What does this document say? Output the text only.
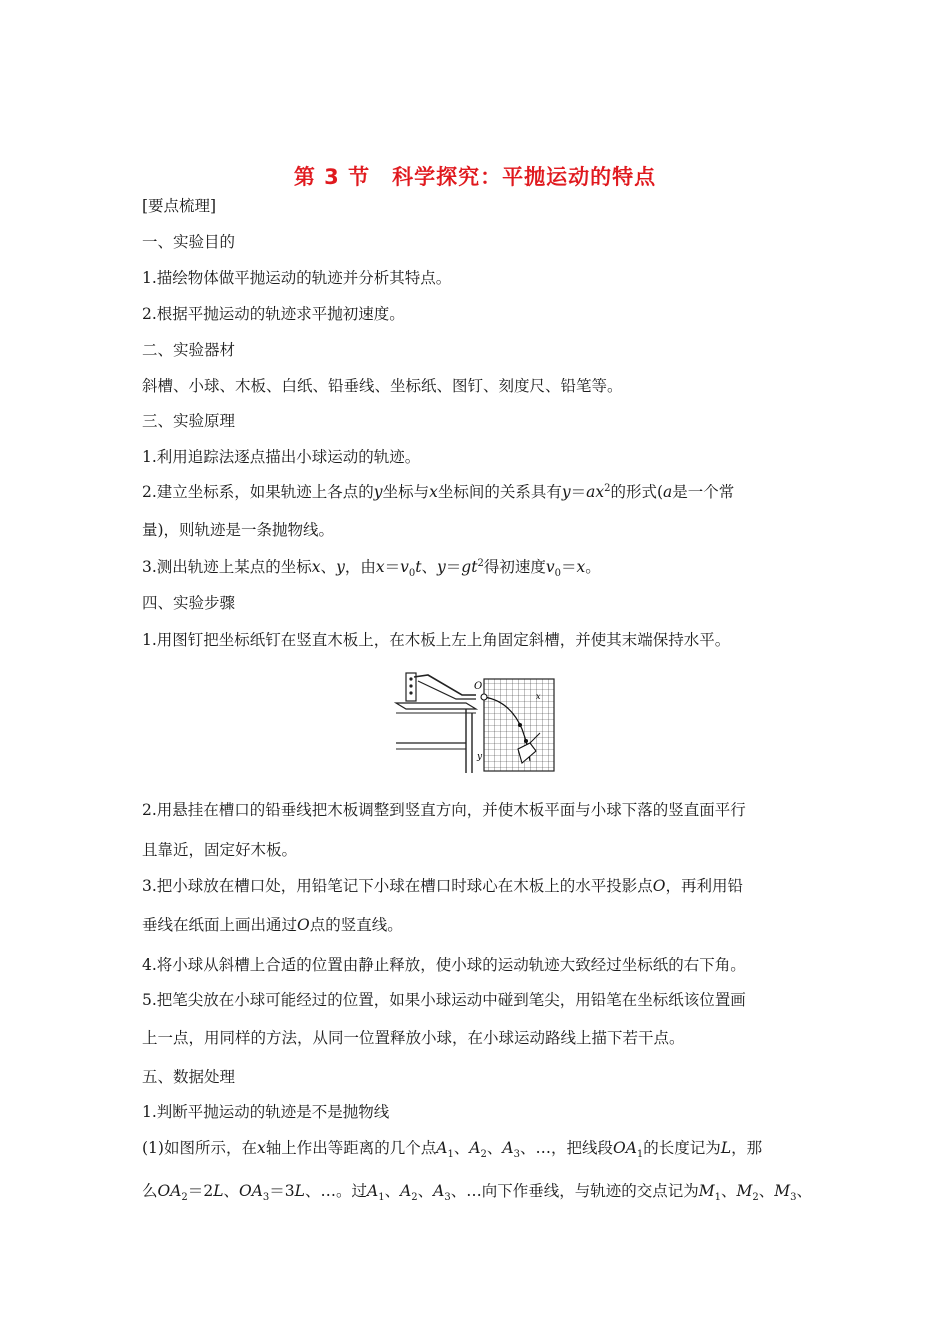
第 3 节　科学探究：平抛运动的特点
[要点梳理]
一、实验目的
1.描绘物体做平抛运动的轨迹并分析其特点。
2.根据平抛运动的轨迹求平抛初速度。
二、实验器材
斜槽、小球、木板、白纸、铅垂线、坐标纸、图钉、刻度尺、铅笔等。
三、实验原理
1.利用追踪法逐点描出小球运动的轨迹。
2.建立坐标系，如果轨迹上各点的y坐标与x坐标间的关系具有$y=ax^2$的形式(a是一个常
量)，则轨迹是一条抛物线。
3.测出轨迹上某点的坐标x、y，由$x=v_0t$、$y=gt^2$得初速度$v_0=x$。
四、实验步骤
1.用图钉把坐标纸钉在竖直木板上，在木板上左上角固定斜槽，并使其末端保持水平。
O
y
x
2.用悬挂在槽口的铅垂线把木板调整到竖直方向，并使木板平面与小球下落的竖直面平行
且靠近，固定好木板。
3.把小球放在槽口处，用铅笔记下小球在槽口时球心在木板上的水平投影点O，再利用铅
垂线在纸面上画出通过O点的竖直线。
4.将小球从斜槽上合适的位置由静止释放，使小球的运动轨迹大致经过坐标纸的右下角。
5.把笔尖放在小球可能经过的位置，如果小球运动中碰到笔尖，用铅笔在坐标纸该位置画
上一点，用同样的方法，从同一位置释放小球，在小球运动路线上描下若干点。
五、数据处理
1.判断平抛运动的轨迹是不是抛物线
(1)如图所示，在x轴上作出等距离的几个点$A_1$、$A_2$、$A_3$、…，把线段$OA_1$的长度记为L，那
么$OA_2=2L$、$OA_3=3L$、…。过$A_1$、$A_2$、$A_3$、…向下作垂线，与轨迹的交点记为$M_1$、$M_2$、$M_3$、
